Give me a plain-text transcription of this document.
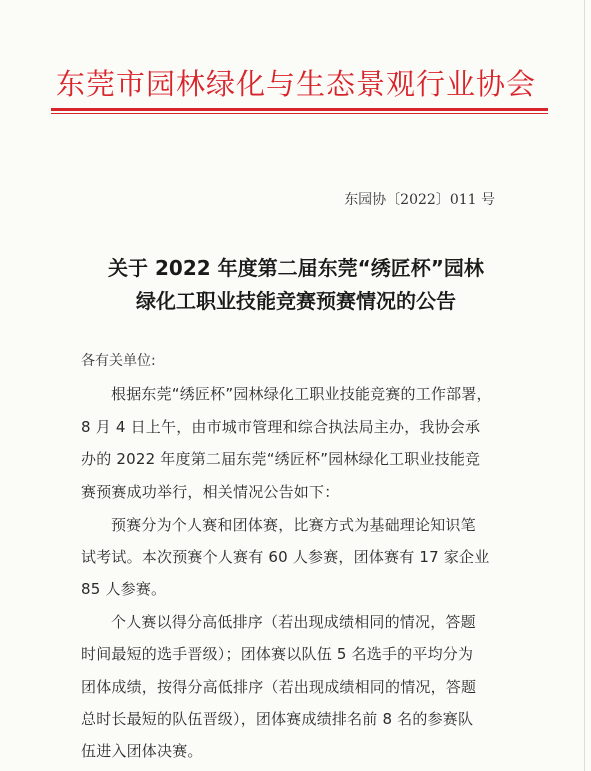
东莞市园林绿化与生态景观行业协会
东园协〔2022〕011 号
关于 2022 年度第二届东莞“绣匠杯”园林
绿化工职业技能竞赛预赛情况的公告
各有关单位:
根据东莞“绣匠杯”园林绿化工职业技能竞赛的工作部署，
8 月 4 日上午，由市城市管理和综合执法局主办，我协会承
办的 2022 年度第二届东莞“绣匠杯”园林绿化工职业技能竞
赛预赛成功举行，相关情况公告如下：
预赛分为个人赛和团体赛，比赛方式为基础理论知识笔
试考试。本次预赛个人赛有 60 人参赛，团体赛有 17 家企业
85 人参赛。
个人赛以得分高低排序（若出现成绩相同的情况，答题
时间最短的选手晋级）；团体赛以队伍 5 名选手的平均分为
团体成绩，按得分高低排序（若出现成绩相同的情况，答题
总时长最短的队伍晋级），团体赛成绩排名前 8 名的参赛队
伍进入团体决赛。
